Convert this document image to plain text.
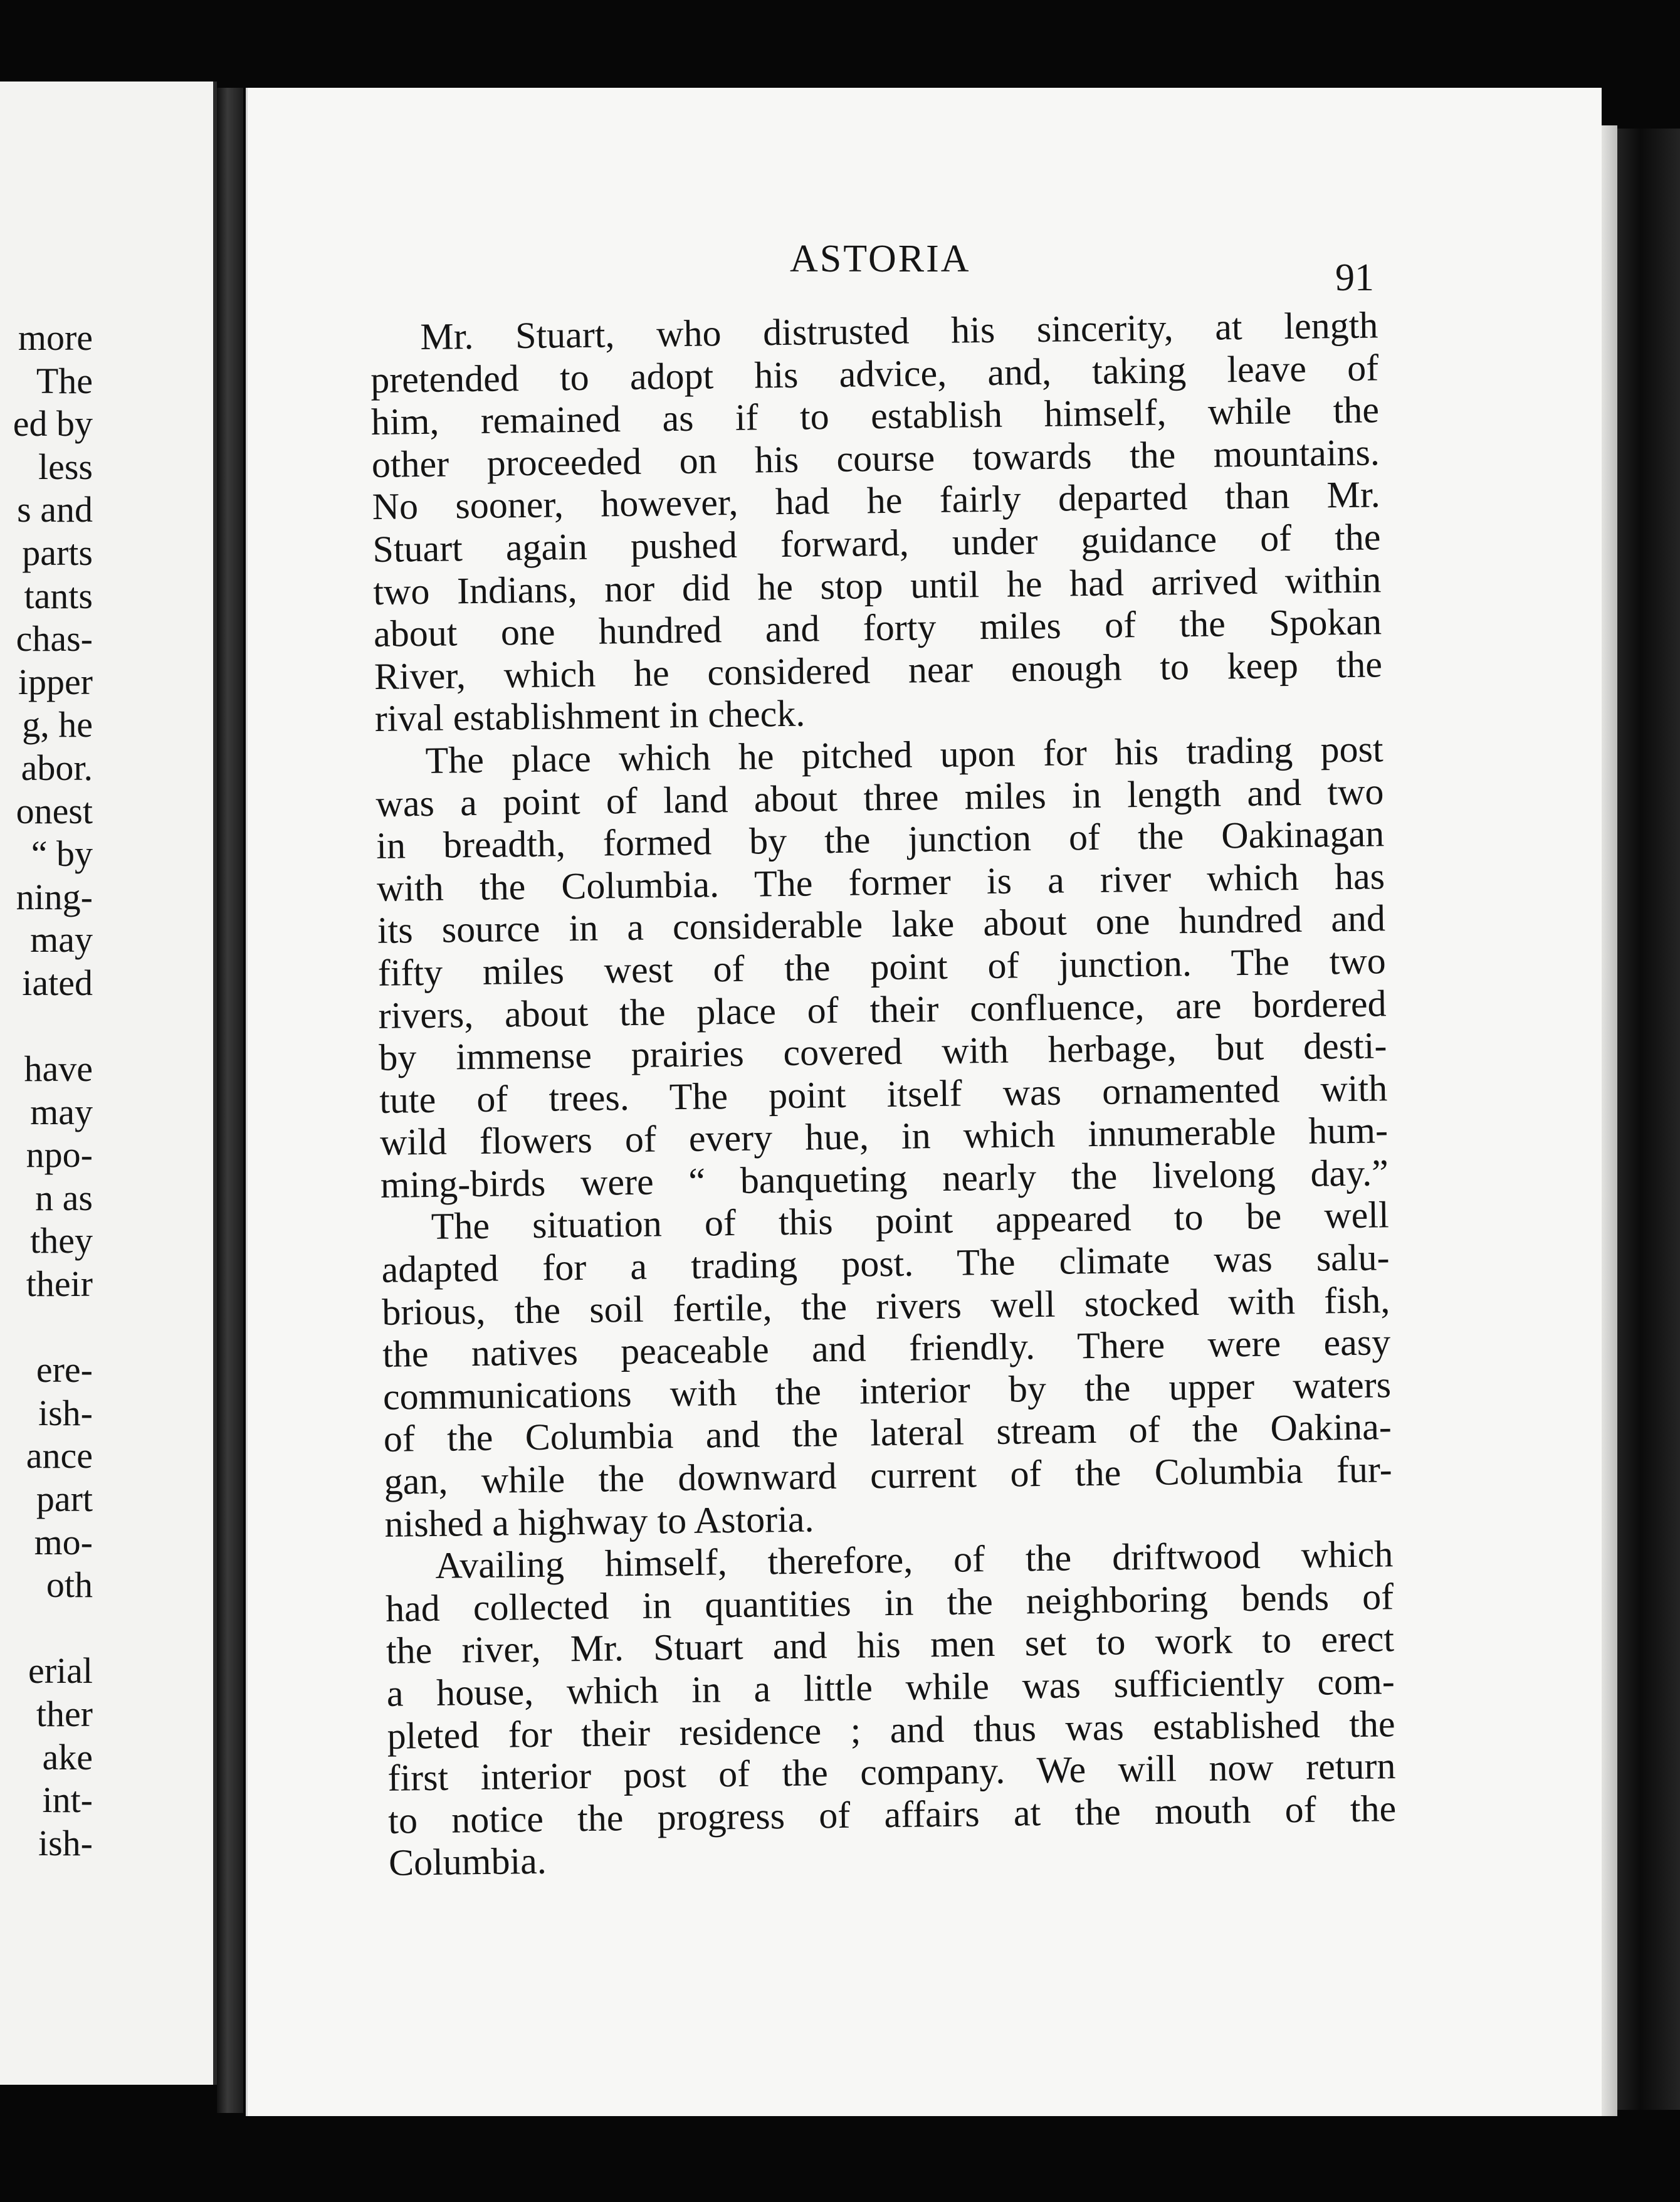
more
The
ed by
less
s and
parts
tants
chas-
ipper
g, he
abor.
onest
“ by
ning-
may
iated
have
may
npo-
n as
they
their
ere-
ish-
ance
part
mo-
oth
erial
ther
ake
int-
ish-
ASTORIA	91
Mr. Stuart, who distrusted his sincerity, at length
pretended to adopt his advice, and, taking leave of
him, remained as if to establish himself, while the
other proceeded on his course towards the mountains.
No sooner, however, had he fairly departed than Mr.
Stuart again pushed forward, under guidance of the
two Indians, nor did he stop until he had arrived within
about one hundred and forty miles of the Spokan
River, which he considered near enough to keep the
rival establishment in check.
The place which he pitched upon for his trading post
was a point of land about three miles in length and two
in breadth, formed by the junction of the Oakinagan
with the Columbia. The former is a river which has
its source in a considerable lake about one hundred and
fifty miles west of the point of junction. The two
rivers, about the place of their confluence, are bordered
by immense prairies covered with herbage, but desti-
tute of trees. The point itself was ornamented with
wild flowers of every hue, in which innumerable hum-
ming-birds were “ banqueting nearly the livelong day.”
The situation of this point appeared to be well
adapted for a trading post. The climate was salu-
brious, the soil fertile, the rivers well stocked with fish,
the natives peaceable and friendly. There were easy
communications with the interior by the upper waters
of the Columbia and the lateral stream of the Oakina-
gan, while the downward current of the Columbia fur-
nished a highway to Astoria.
Availing himself, therefore, of the driftwood which
had collected in quantities in the neighboring bends of
the river, Mr. Stuart and his men set to work to erect
a house, which in a little while was sufficiently com-
pleted for their residence ; and thus was established the
first interior post of the company. We will now return
to notice the progress of affairs at the mouth of the
Columbia.
